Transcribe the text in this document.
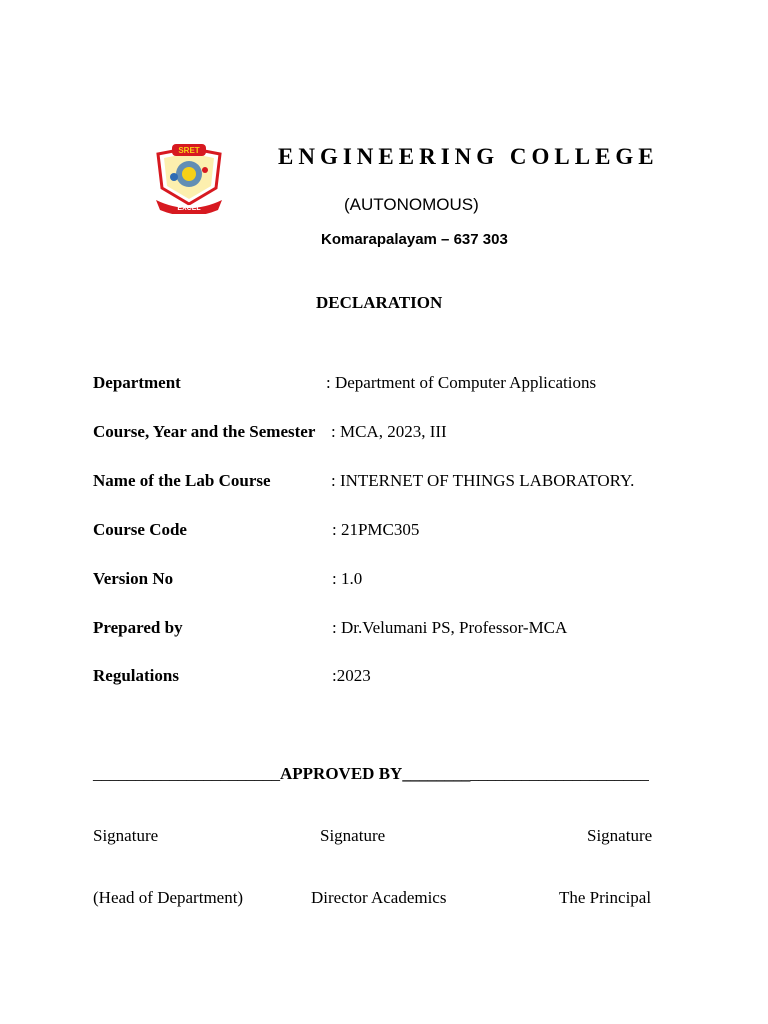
SRET
EXCEL
ENGINEERING COLLEGE
(AUTONOMOUS)
Komarapalayam – 637 303
DECLARATION
Department	: Department of Computer Applications
Course, Year and the Semester : MCA, 2023, III
Name of the Lab Course	: INTERNET OF THINGS LABORATORY.
Course Code	: 21PMC305
Version No	: 1.0
Prepared by	: Dr.Velumani PS, Professor-MCA
Regulations	:2023
______________________APPROVED BY_____________________________
Signature	Signature	Signature
(Head of Department)	Director Academics	The Principal
